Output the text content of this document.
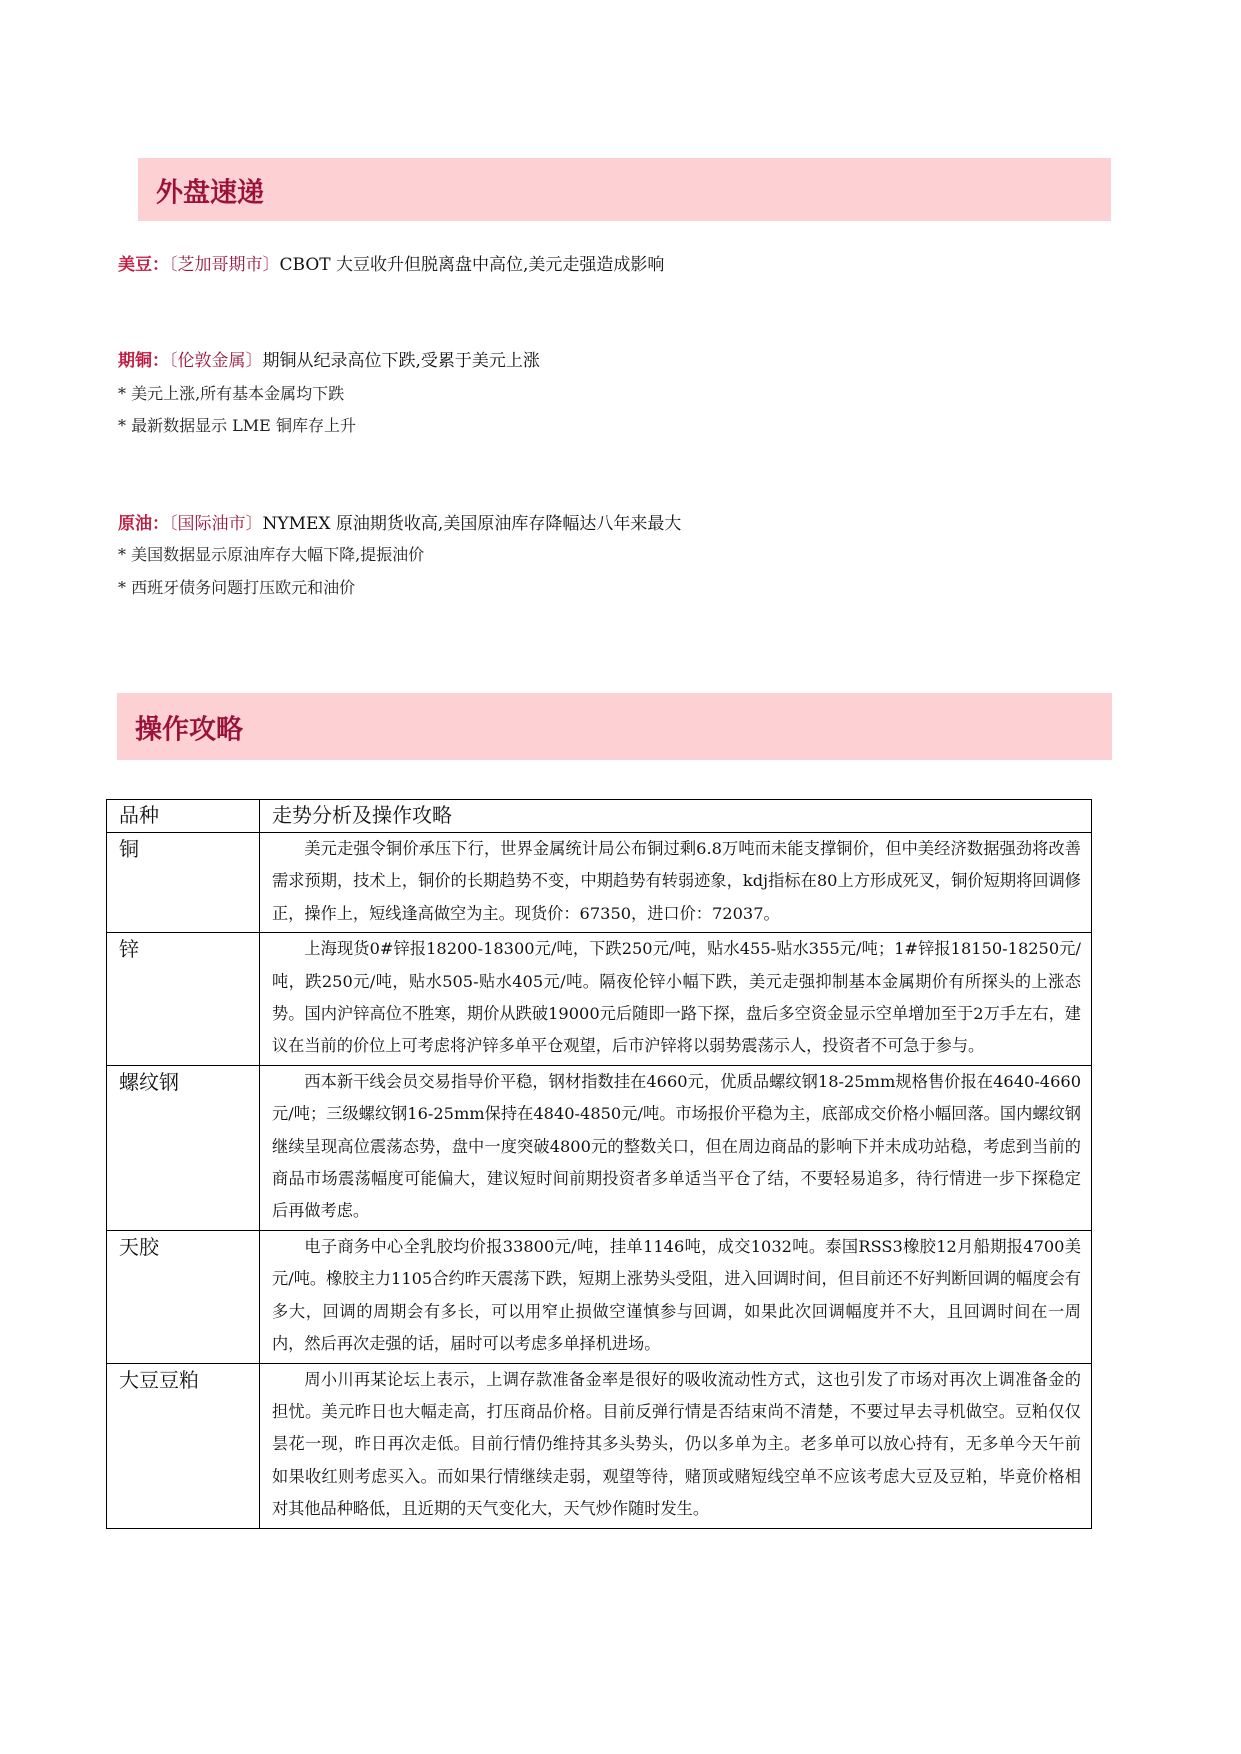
外盘速递
美豆：〔芝加哥期市〕CBOT 大豆收升但脱离盘中高位,美元走强造成影响
期铜：〔伦敦金属〕期铜从纪录高位下跌,受累于美元上涨
* 美元上涨,所有基本金属均下跌
* 最新数据显示 LME 铜库存上升
原油：〔国际油市〕NYMEX 原油期货收高,美国原油库存降幅达八年来最大
* 美国数据显示原油库存大幅下降,提振油价
* 西班牙债务问题打压欧元和油价
操作攻略
品种	走势分析及操作攻略
铜	美元走强令铜价承压下行，世界金属统计局公布铜过剩6.8万吨而未能支撑铜价，但中美经济数据强劲将改善需求预期，技术上，铜价的长期趋势不变，中期趋势有转弱迹象，kdj指标在80上方形成死叉，铜价短期将回调修正，操作上，短线逢高做空为主。现货价：67350，进口价：72037。

锌	上海现货0#锌报18200-18300元/吨，下跌250元/吨，贴水455-贴水355元/吨；1#锌报18150-18250元/吨，跌250元/吨，贴水505-贴水405元/吨。隔夜伦锌小幅下跌，美元走强抑制基本金属期价有所探头的上涨态势。国内沪锌高位不胜寒，期价从跌破19000元后随即一路下探，盘后多空资金显示空单增加至于2万手左右，建议在当前的价位上可考虑将沪锌多单平仓观望，后市沪锌将以弱势震荡示人，投资者不可急于参与。

螺纹钢	西本新干线会员交易指导价平稳，钢材指数挂在4660元，优质品螺纹钢18-25mm规格售价报在4640-4660元/吨；三级螺纹钢16-25mm保持在4840-4850元/吨。市场报价平稳为主，底部成交价格小幅回落。国内螺纹钢继续呈现高位震荡态势，盘中一度突破4800元的整数关口，但在周边商品的影响下并未成功站稳，考虑到当前的商品市场震荡幅度可能偏大，建议短时间前期投资者多单适当平仓了结，不要轻易追多，待行情进一步下探稳定后再做考虑。

天胶	电子商务中心全乳胶均价报33800元/吨，挂单1146吨，成交1032吨。泰国RSS3橡胶12月船期报4700美元/吨。橡胶主力1105合约昨天震荡下跌，短期上涨势头受阻，进入回调时间，但目前还不好判断回调的幅度会有多大，回调的周期会有多长，可以用窄止损做空谨慎参与回调，如果此次回调幅度并不大，且回调时间在一周内，然后再次走强的话，届时可以考虑多单择机进场。

大豆豆粕	周小川再某论坛上表示，上调存款准备金率是很好的吸收流动性方式，这也引发了市场对再次上调准备金的担忧。美元昨日也大幅走高，打压商品价格。目前反弹行情是否结束尚不清楚，不要过早去寻机做空。豆粕仅仅昙花一现，昨日再次走低。目前行情仍维持其多头势头，仍以多单为主。老多单可以放心持有，无多单今天午前如果收红则考虑买入。而如果行情继续走弱，观望等待，赌顶或赌短线空单不应该考虑大豆及豆粕，毕竟价格相对其他品种略低，且近期的天气变化大，天气炒作随时发生。
